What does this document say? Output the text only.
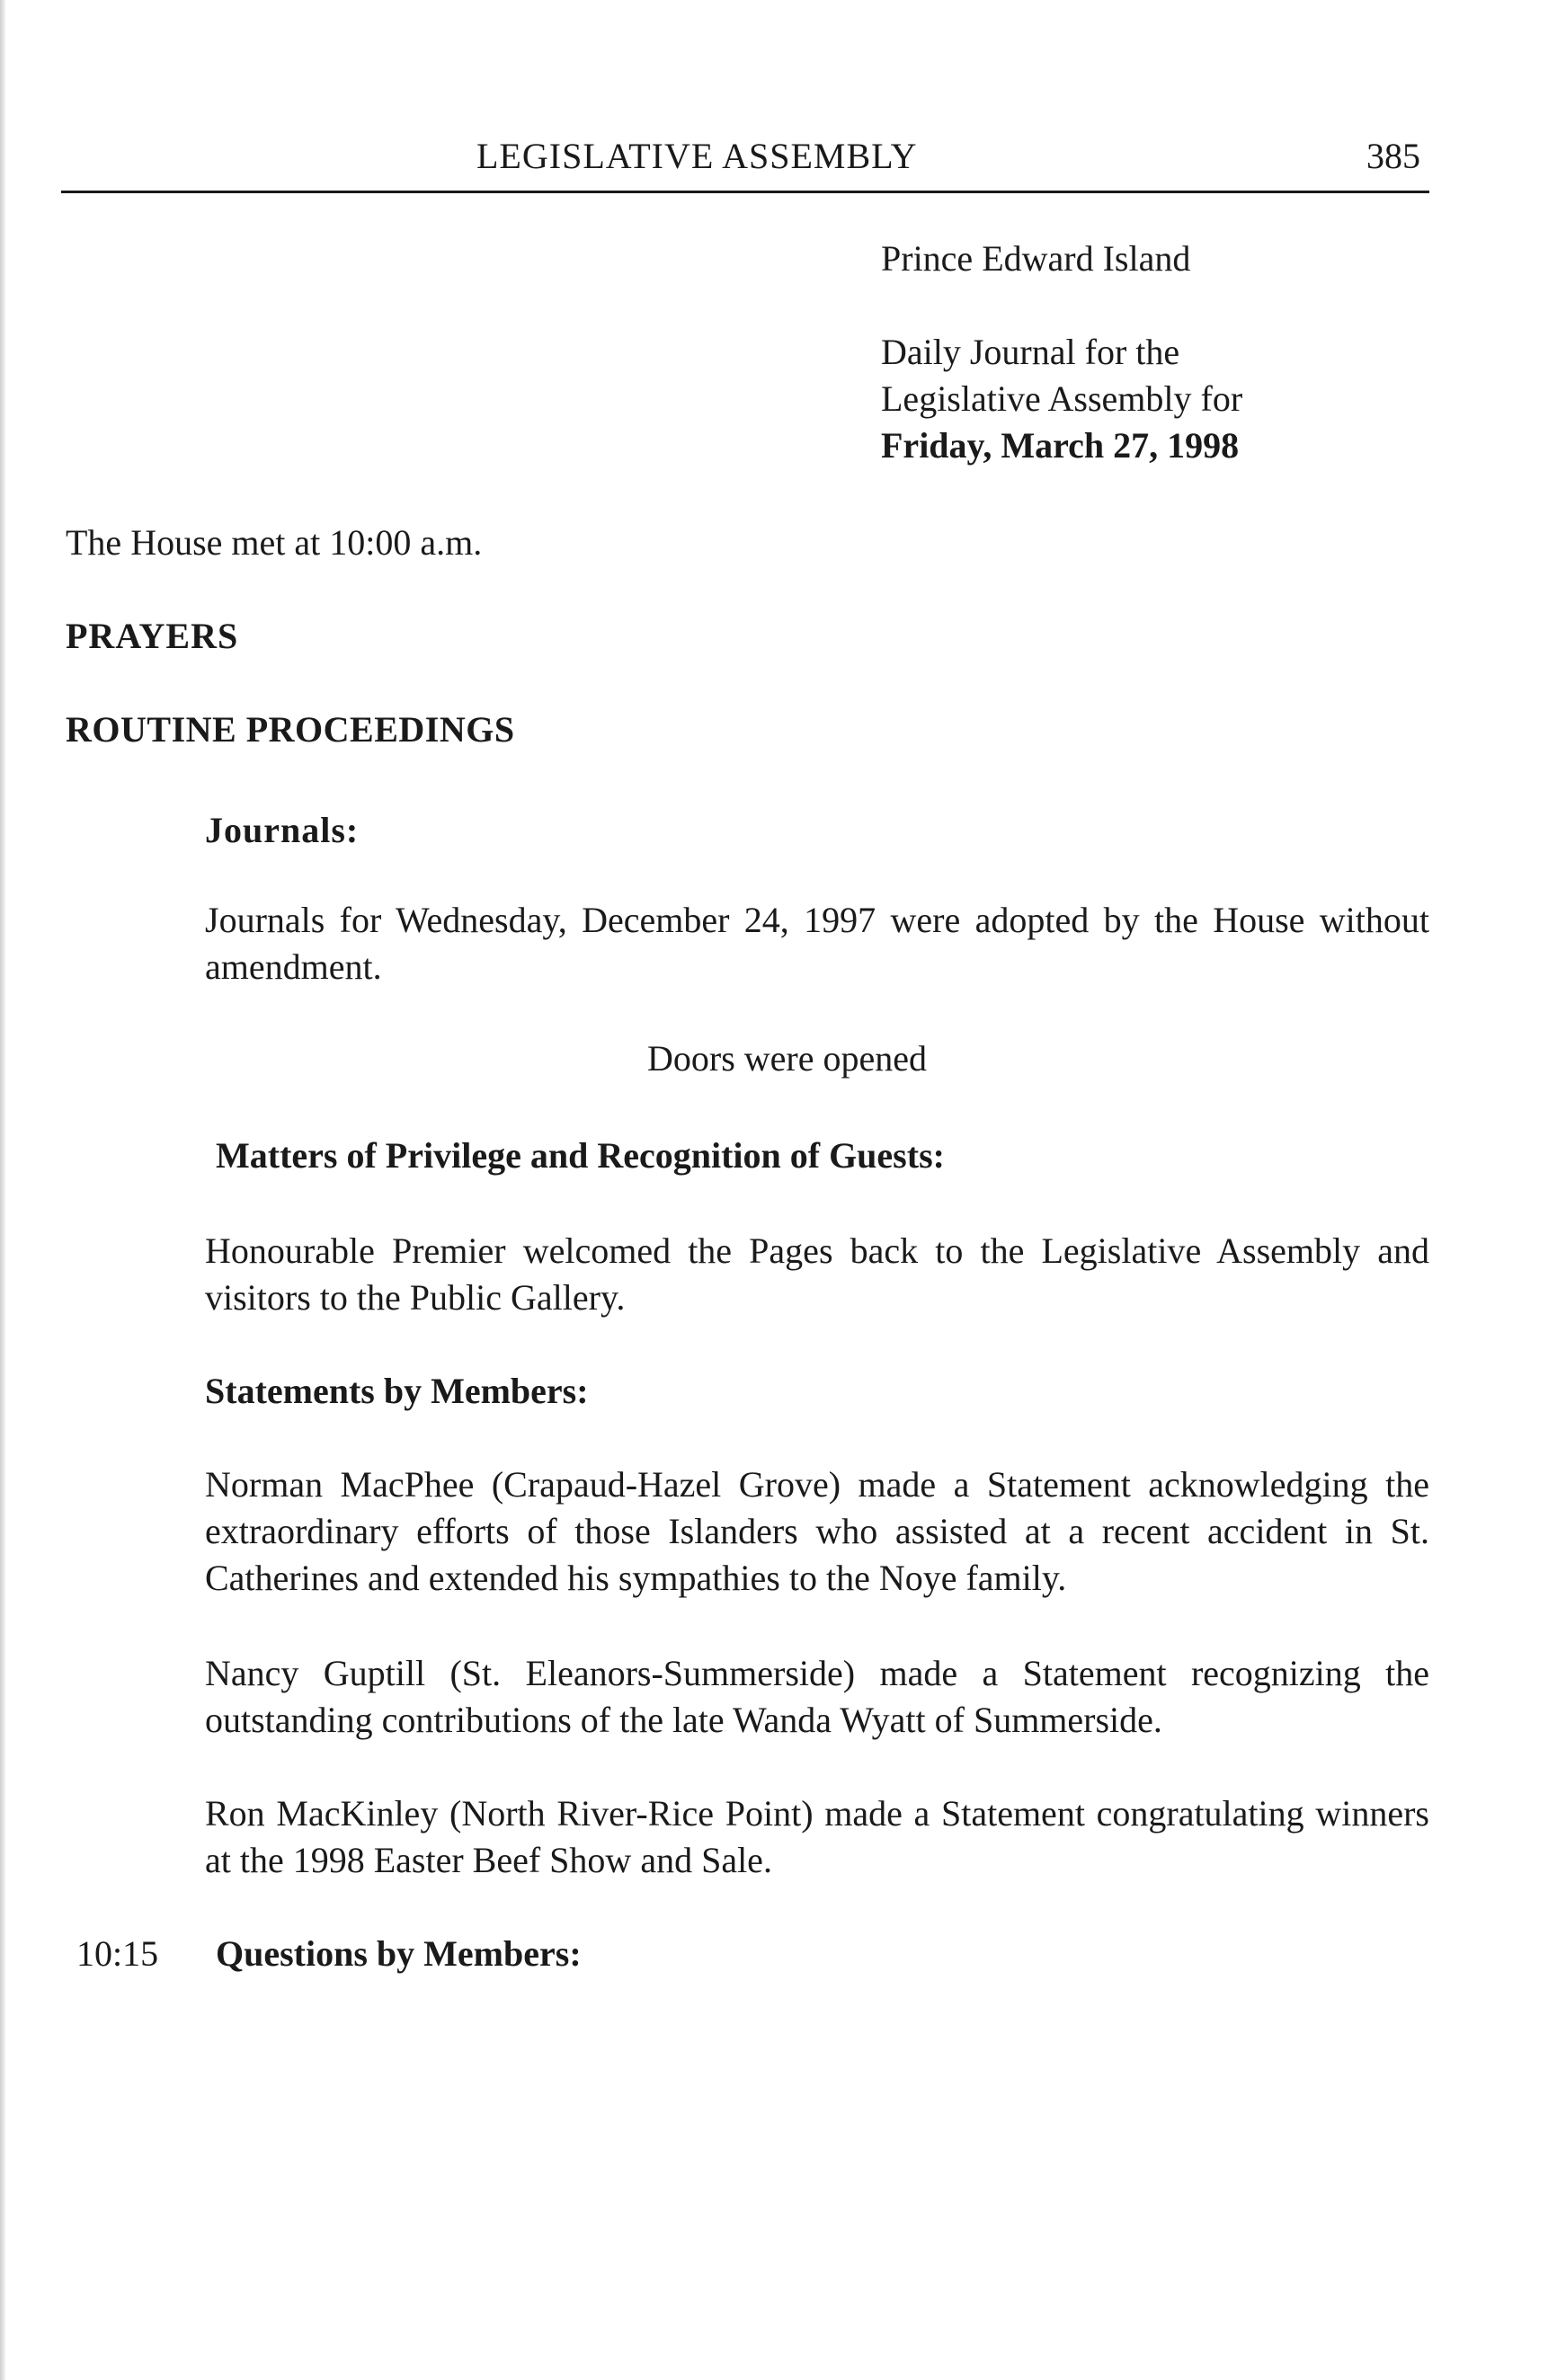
LEGISLATIVE ASSEMBLY	385
Prince Edward Island
Daily Journal for the
Legislative Assembly for
Friday, March 27, 1998
The House met at 10:00 a.m.
PRAYERS
ROUTINE PROCEEDINGS
Journals:
Journals for Wednesday, December 24, 1997 were adopted by the House without amendment.
Doors were opened
Matters of Privilege and Recognition of Guests:
Honourable Premier welcomed the Pages back to the Legislative Assembly and visitors to the Public Gallery.
Statements by Members:
Norman MacPhee (Crapaud-Hazel Grove) made a Statement acknowledging the extraordinary efforts of those Islanders who assisted at a recent accident in St. Catherines and extended his sympathies to the Noye family.
Nancy Guptill (St. Eleanors-Summerside) made a Statement recognizing the outstanding contributions of the late Wanda Wyatt of Summerside.
Ron MacKinley (North River-Rice Point) made a Statement congratulating winners at the 1998 Easter Beef Show and Sale.
10:15 Questions by Members:
